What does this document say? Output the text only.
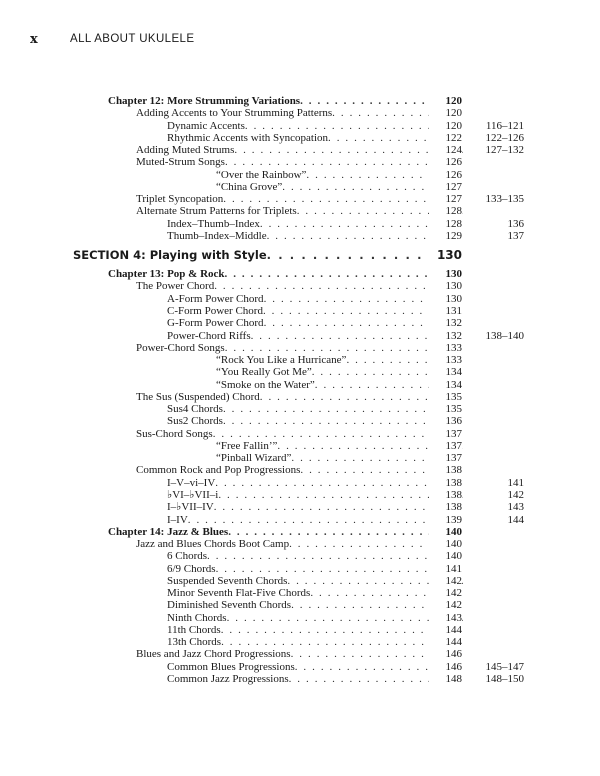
x	ALL ABOUT UKULELE
Chapter 12: More Strumming Variations . . .	120
Adding Accents to Your Strumming Patterns . . .	120
Dynamic Accents . . .	120 116–121
Rhythmic Accents with Syncopation . . .	122 122–126
Adding Muted Strums . . .	124 127–132
Muted-Strum Songs . . .	126
“Over the Rainbow” . . .	126
“China Grove” . . .	127
Triplet Syncopation . . .	127 133–135
Alternate Strum Patterns for Triplets . . .	128
Index–Thumb–Index . . .	128	136
Thumb–Index–Middle . . .	129	137
SECTION 4: Playing with Style . . .	130
Chapter 13: Pop & Rock . . .	130
The Power Chord . . .	130
A-Form Power Chord . . .	130
C-Form Power Chord . . .	131
G-Form Power Chord . . .	132
Power-Chord Riffs . . .	132 138–140
Power-Chord Songs . . .	133
“Rock You Like a Hurricane” . . .	133
“You Really Got Me” . . .	134
“Smoke on the Water” . . .	134
The Sus (Suspended) Chord . . .	135
Sus4 Chords . . .	135
Sus2 Chords . . .	136
Sus-Chord Songs . . .	137
“Free Fallin’” . . .	137
“Pinball Wizard” . . .	137
Common Rock and Pop Progressions . . .	138
I–V–vi–IV . . .	138	141
♭VI–♭VII–i . . .	138	142
I–♭VII–IV . . .	138	143
I–IV . . .	139	144
Chapter 14: Jazz & Blues . . .	140
Jazz and Blues Chords Boot Camp . . .	140
6 Chords . . .	140
6/9 Chords . . .	141
Suspended Seventh Chords . . .	142
Minor Seventh Flat-Five Chords . . .	142
Diminished Seventh Chords . . .	142
Ninth Chords . . .	143
11th Chords . . .	144
13th Chords . . .	144
Blues and Jazz Chord Progressions . . .	146
Common Blues Progressions . . .	146 145–147
Common Jazz Progressions . . .	148 148–150
